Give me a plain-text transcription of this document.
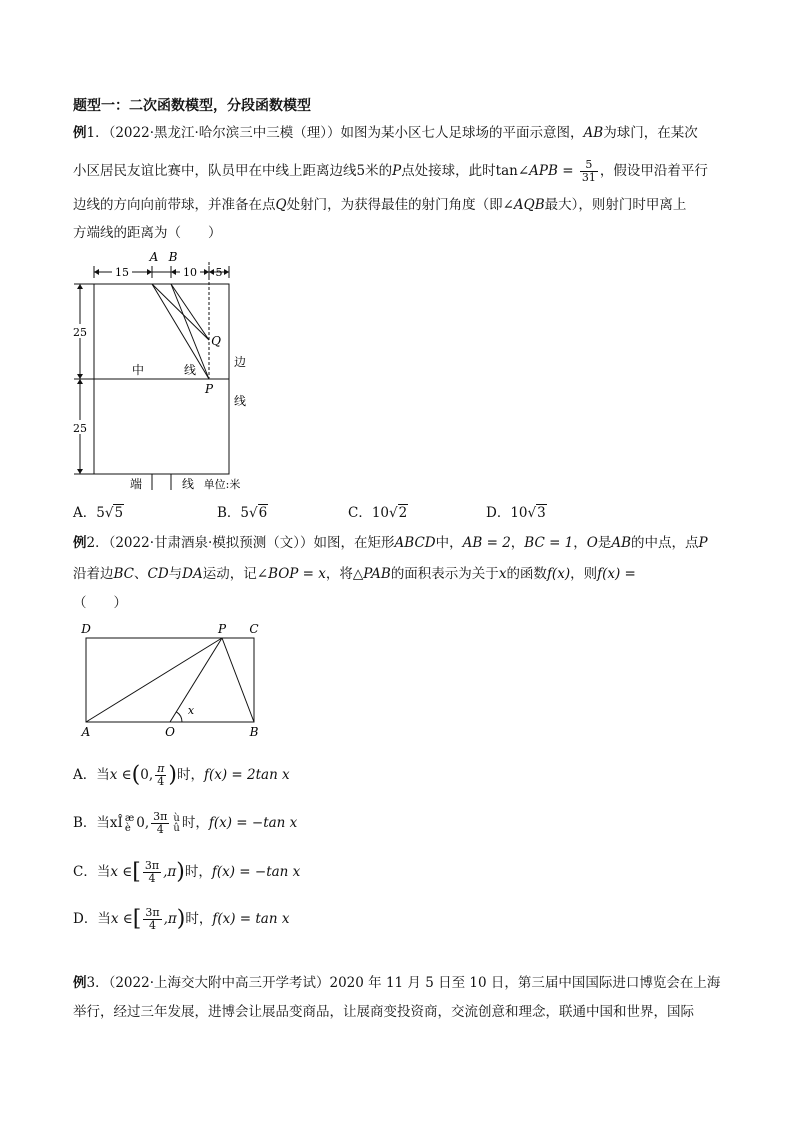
题型一：二次函数模型，分段函数模型
例1．（2022·黑龙江·哈尔滨三中三模（理））如图为某小区七人足球场的平面示意图，AB为球门，在某次
小区居民友谊比赛中，队员甲在中线上距离边线5米的P点处接球，此时tan∠APB = $\frac{5}{31}$ ，假设甲沿着平行
边线的方向向前带球，并准备在点Q处射门，为获得最佳的射门角度（即∠AQB最大），则射门时甲离上
方端线的距离为（　　）
15	10 5
A B
中	线
Q
P
边
线
25
25
端	线 单位:米
A．5√5	B．5√6	C．10√2	D．10√3
例2．（2022·甘肃酒泉·模拟预测（文））如图，在矩形ABCD中，AB = 2，BC = 1，O是AB的中点，点P
沿着边BC、CD与DA运动，记∠BOP = x，将△PAB的面积表示为关于x的函数f(x)，则f(x) =
（　　）
x
D	P C
A	O	B
A．当x ∈(0, $\frac{\pi}{4}$ )时，f(x) = 2tan x
B．当xÎ æ
è 0, $\frac{3\pi}{4}$ ù
û 时，f(x) = −tan x
C．当x ∈[ $\frac{3\pi}{4} ,\pi$)时，f(x) = −tan x
D．当x ∈[ $\frac{3\pi}{4} ,\pi$)时，f(x) = tan x
例3．（2022·上海交大附中高三开学考试）2020 年 11 月 5 日至 10 日，第三届中国国际进口博览会在上海
举行，经过三年发展，进博会让展品变商品，让展商变投资商，交流创意和理念，联通中国和世界，国际
